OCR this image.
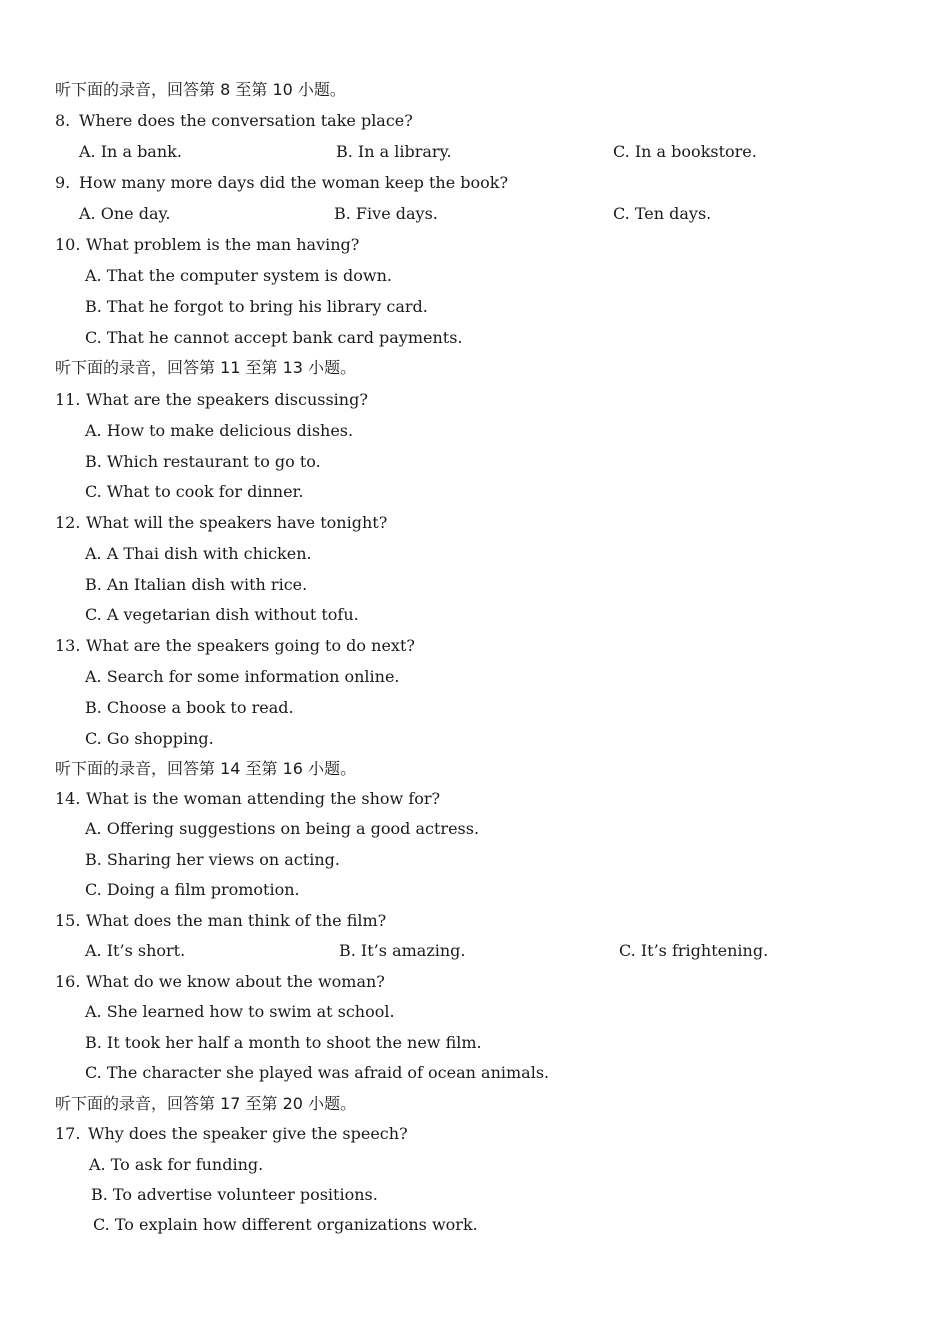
听下面的录音，回答第 8 至第 10 小题。
8. Where does the conversation take place?
A. In a bank.	B. In a library.	C. In a bookstore.
9. How many more days did the woman keep the book?
A. One day.	B. Five days.	C. Ten days.
10. What problem is the man having?
A. That the computer system is down.
B. That he forgot to bring his library card.
C. That he cannot accept bank card payments.
听下面的录音，回答第 11 至第 13 小题。
11. What are the speakers discussing?
A. How to make delicious dishes.
B. Which restaurant to go to.
C. What to cook for dinner.
12. What will the speakers have tonight?
A. A Thai dish with chicken.
B. An Italian dish with rice.
C. A vegetarian dish without tofu.
13. What are the speakers going to do next?
A. Search for some information online.
B. Choose a book to read.
C. Go shopping.
听下面的录音，回答第 14 至第 16 小题。
14. What is the woman attending the show for?
A. Offering suggestions on being a good actress.
B. Sharing her views on acting.
C. Doing a film promotion.
15. What does the man think of the film?
A. It’s short.	B. It’s amazing.	C. It’s frightening.
16. What do we know about the woman?
A. She learned how to swim at school.
B. It took her half a month to shoot the new film.
C. The character she played was afraid of ocean animals.
听下面的录音，回答第 17 至第 20 小题。
17. Why does the speaker give the speech?
A. To ask for funding.
B. To advertise volunteer positions.
C. To explain how different organizations work.
